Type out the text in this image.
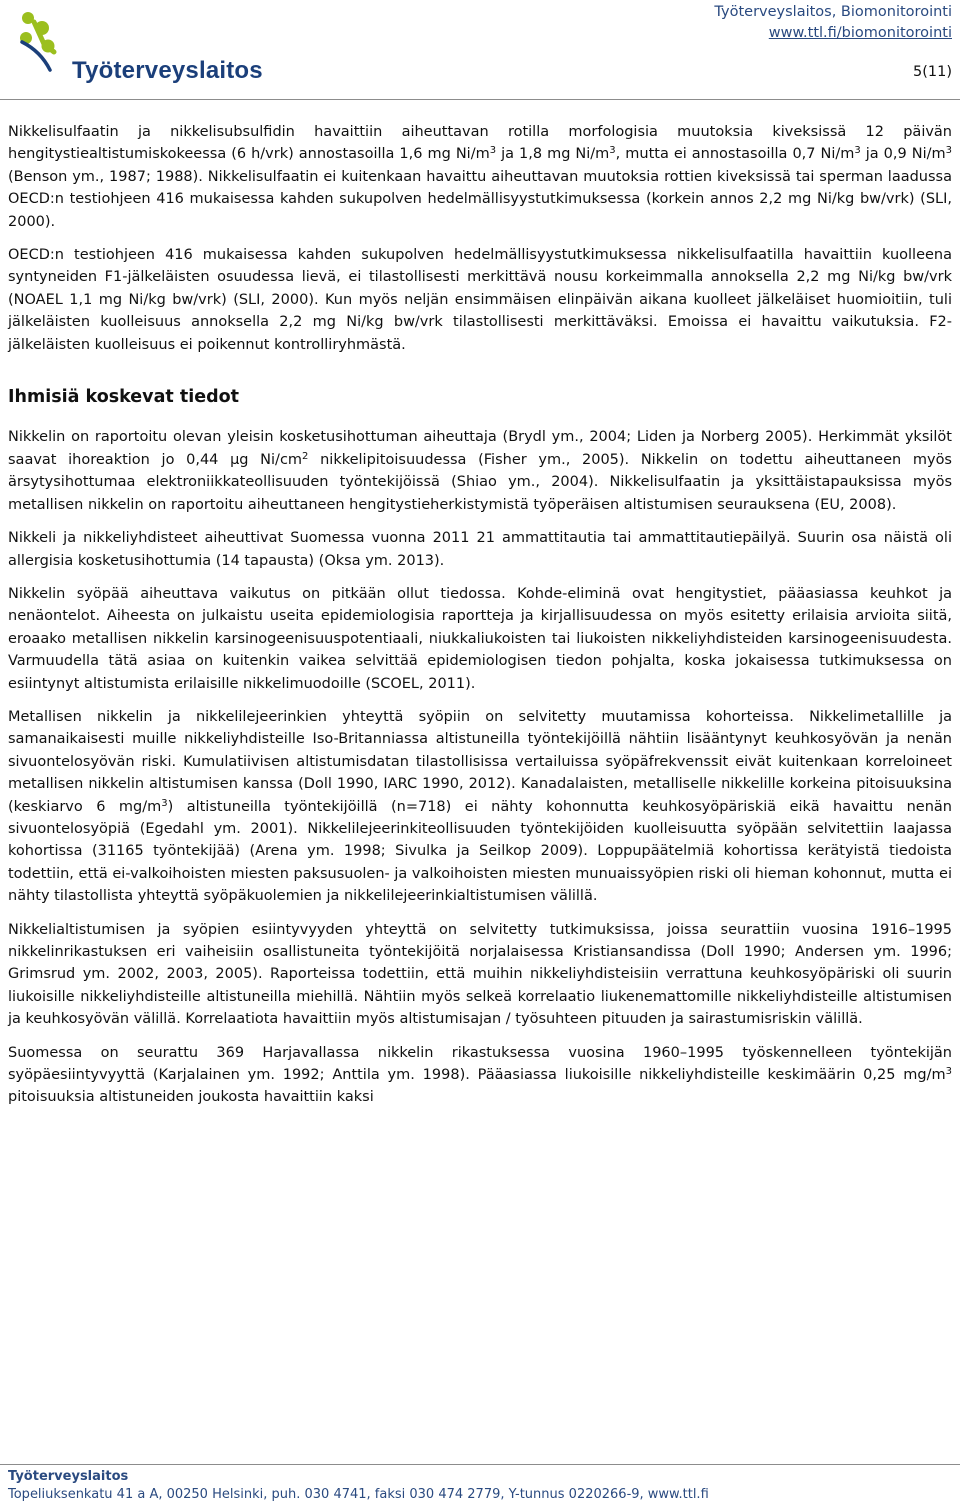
Työterveyslaitos
Työterveyslaitos, Biomonitorointi
www.ttl.fi/biomonitorointi
5(11)

Nikkelisulfaatin ja nikkelisubsulfidin havaittiin aiheuttavan rotilla morfologisia muutoksia kiveksissä 12 päivän hengitystiealtistumiskokeessa (6 h/vrk) annostasoilla 1,6 mg $Ni/m^3$ ja 1,8 mg $Ni/m^3$, mutta ei annostasoilla 0,7 $Ni/m^3$ ja 0,9 $Ni/m^3$ (Benson ym., 1987; 1988). Nikkelisulfaatin ei kuitenkaan havaittu aiheuttavan muutoksia rottien kiveksissä tai sperman laadussa OECD:n testiohjeen 416 mukaisessa kahden sukupolven hedelmällisyystutkimuksessa (korkein annos 2,2 mg Ni/kg bw/vrk) (SLI, 2000).

OECD:n testiohjeen 416 mukaisessa kahden sukupolven hedelmällisyystutkimuksessa nikkelisulfaatilla havaittiin kuolleena syntyneiden F1-jälkeläisten osuudessa lievä, ei tilastollisesti merkittävä nousu korkeimmalla annoksella 2,2 mg Ni/kg bw/vrk (NOAEL 1,1 mg Ni/kg bw/vrk) (SLI, 2000). Kun myös neljän ensimmäisen elinpäivän aikana kuolleet jälkeläiset huomioitiin, tuli jälkeläisten kuolleisuus annoksella 2,2 mg Ni/kg bw/vrk tilastollisesti merkittäväksi. Emoissa ei havaittu vaikutuksia. F2-jälkeläisten kuolleisuus ei poikennut kontrolliryhmästä.

Ihmisiä koskevat tiedot

Nikkelin on raportoitu olevan yleisin kosketusihottuman aiheuttaja (Brydl ym., 2004; Liden ja Norberg 2005). Herkimmät yksilöt saavat ihoreaktion jo 0,44 µg $Ni/cm^2$ nikkelipitoisuudessa (Fisher ym., 2005). Nikkelin on todettu aiheuttaneen myös ärsytysihottumaa elektroniikkateollisuuden työntekijöissä (Shiao ym., 2004). Nikkelisulfaatin ja yksittäistapauksissa myös metallisen nikkelin on raportoitu aiheuttaneen hengitystieherkistymistä työperäisen altistumisen seurauksena (EU, 2008).

Nikkeli ja nikkeliyhdisteet aiheuttivat Suomessa vuonna 2011 21 ammattitautia tai ammattitautiepäilyä. Suurin osa näistä oli allergisia kosketusihottumia (14 tapausta) (Oksa ym. 2013).

Nikkelin syöpää aiheuttava vaikutus on pitkään ollut tiedossa. Kohde-eliminä ovat hengitystiet, pääasiassa keuhkot ja nenäontelot. Aiheesta on julkaistu useita epidemiologisia raportteja ja kirjallisuudessa on myös esitetty erilaisia arvioita siitä, eroaako metallisen nikkelin karsinogeenisuuspotentiaali, niukkaliukoisten tai liukoisten nikkeliyhdisteiden karsinogeenisuudesta. Varmuudella tätä asiaa on kuitenkin vaikea selvittää epidemiologisen tiedon pohjalta, koska jokaisessa tutkimuksessa on esiintynyt altistumista erilaisille nikkelimuodoille (SCOEL, 2011).

Metallisen nikkelin ja nikkelilejeerinkien yhteyttä syöpiin on selvitetty muutamissa kohorteissa. Nikkelimetallille ja samanaikaisesti muille nikkeliyhdisteille Iso-Britanniassa altistuneilla työntekijöillä nähtiin lisääntynyt keuhkosyövän ja nenän sivuontelosyövän riski. Kumulatiivisen altistumisdatan tilastollisissa vertailuissa syöpäfrekvenssit eivät kuitenkaan korreloineet metallisen nikkelin altistumisen kanssa (Doll 1990, IARC 1990, 2012). Kanadalaisten, metalliselle nikkelille korkeina pitoisuuksina (keskiarvo 6 $mg/m^3$) altistuneilla työntekijöillä (n=718) ei nähty kohonnutta keuhkosyöpäriskiä eikä havaittu nenän sivuontelosyöpiä (Egedahl ym. 2001). Nikkelilejeerinkiteollisuuden työntekijöiden kuolleisuutta syöpään selvitettiin laajassa kohortissa (31165 työntekijää) (Arena ym. 1998; Sivulka ja Seilkop 2009). Loppupäätelmiä kohortissa kerätyistä tiedoista todettiin, että ei-valkoihoisten miesten paksusuolen- ja valkoihoisten miesten munuaissyöpien riski oli hieman kohonnut, mutta ei nähty tilastollista yhteyttä syöpäkuolemien ja nikkelilejeerinkialtistumisen välillä.

Nikkelialtistumisen ja syöpien esiintyvyyden yhteyttä on selvitetty tutkimuksissa, joissa seurattiin vuosina 1916–1995 nikkelinrikastuksen eri vaiheisiin osallistuneita työntekijöitä norjalaisessa Kristiansandissa (Doll 1990; Andersen ym. 1996; Grimsrud ym. 2002, 2003, 2005). Raporteissa todettiin, että muihin nikkeliyhdisteisiin verrattuna keuhkosyöpäriski oli suurin liukoisille nikkeliyhdisteille altistuneilla miehillä. Nähtiin myös selkeä korrelaatio liukenemattomille nikkeliyhdisteille altistumisen ja keuhkosyövän välillä. Korrelaatiota havaittiin myös altistumisajan / työsuhteen pituuden ja sairastumisriskin välillä.

Suomessa on seurattu 369 Harjavallassa nikkelin rikastuksessa vuosina 1960–1995 työskennelleen työntekijän syöpäesiintyvyyttä (Karjalainen ym. 1992; Anttila ym. 1998). Pääasiassa liukoisille nikkeliyhdisteille keskimäärin 0,25 $mg/m^3$ pitoisuuksia altistuneiden joukosta havaittiin kaksi

Työterveyslaitos
Topeliuksenkatu 41 a A, 00250 Helsinki, puh. 030 4741, faksi 030 474 2779, Y-tunnus 0220266-9, www.ttl.fi
